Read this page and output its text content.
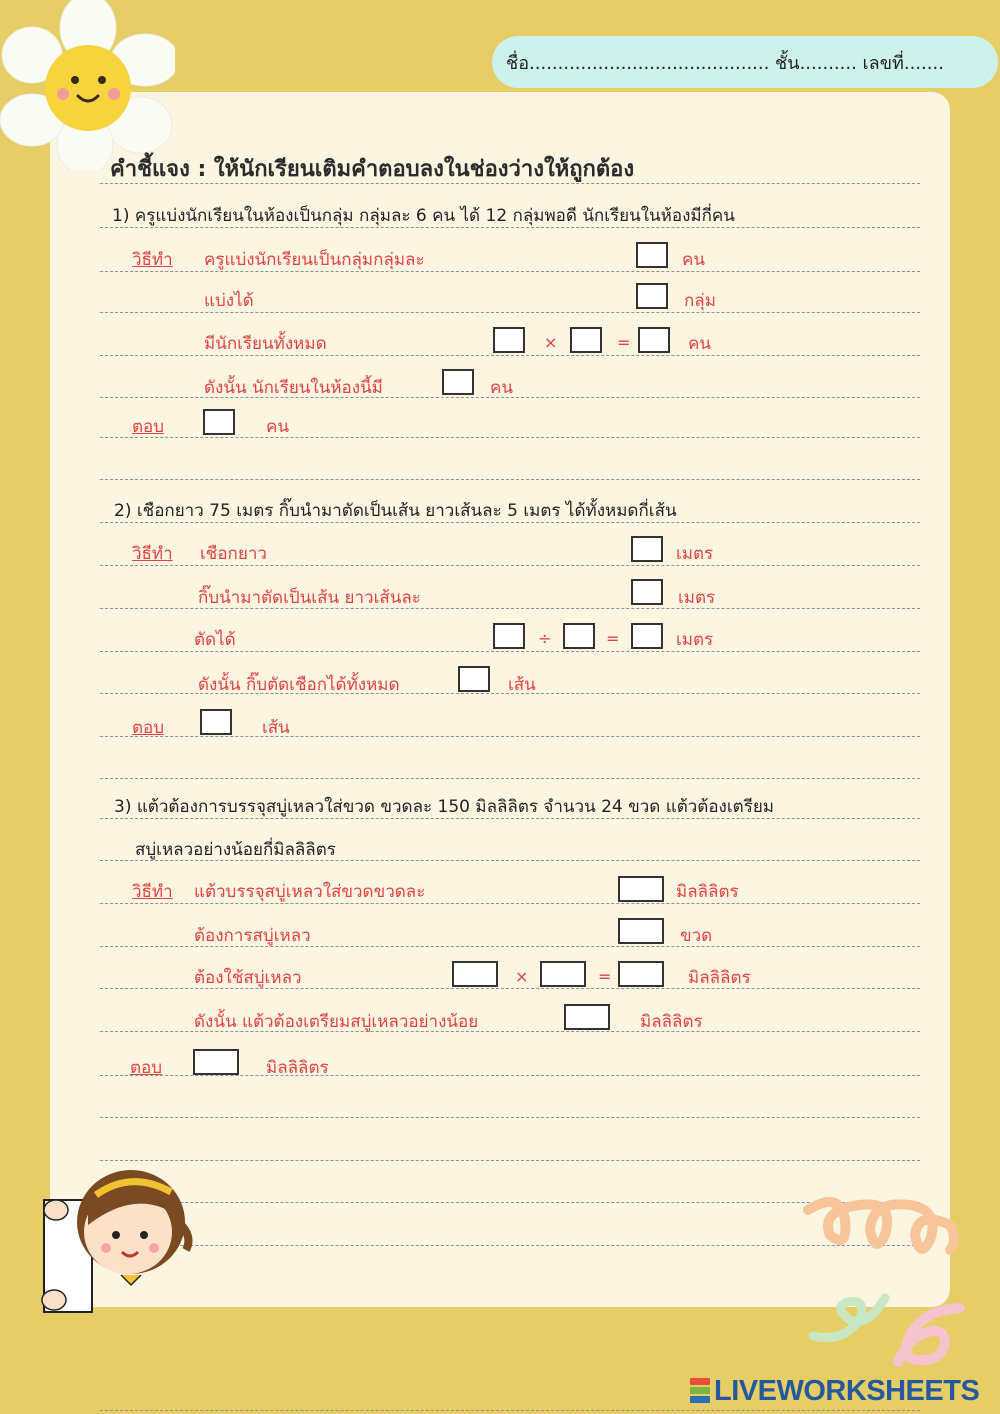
ชื่อ.......................................... ชั้น.......... เลขที่.......
คำชี้แจง : ให้นักเรียนเติมคำตอบลงในช่องว่างให้ถูกต้อง
1) ครูแบ่งนักเรียนในห้องเป็นกลุ่ม กลุ่มละ 6 คน ได้ 12 กลุ่มพอดี นักเรียนในห้องมีกี่คน
วิธีทำ ครูแบ่งนักเรียนเป็นกลุ่มกลุ่มละ	คน
แบ่งได้	กลุ่ม
มีนักเรียนทั้งหมด	×	=	คน
ดังนั้น นักเรียนในห้องนี้มี	คน
ตอบ	คน
2) เชือกยาว 75 เมตร กิ๊บนำมาตัดเป็นเส้น ยาวเส้นละ 5 เมตร ได้ทั้งหมดกี่เส้น
วิธีทำ เชือกยาว	เมตร
กิ๊บนำมาตัดเป็นเส้น ยาวเส้นละ	เมตร
ตัดได้	÷	=	เมตร
ดังนั้น กิ๊บตัดเชือกได้ทั้งหมด	เส้น
ตอบ	เส้น
3) แต้วต้องการบรรจุสบู่เหลวใส่ขวด ขวดละ 150 มิลลิลิตร จำนวน 24 ขวด แต้วต้องเตรียม
สบู่เหลวอย่างน้อยกี่มิลลิลิตร
วิธีทำ แต้วบรรจุสบู่เหลวใส่ขวดขวดละ	มิลลิลิตร
ต้องการสบู่เหลว	ขวด
ต้องใช้สบู่เหลว	×	=	มิลลิลิตร
ดังนั้น แต้วต้องเตรียมสบู่เหลวอย่างน้อย	มิลลิลิตร
ตอบ	มิลลิลิตร
LIVEWORKSHEETS
